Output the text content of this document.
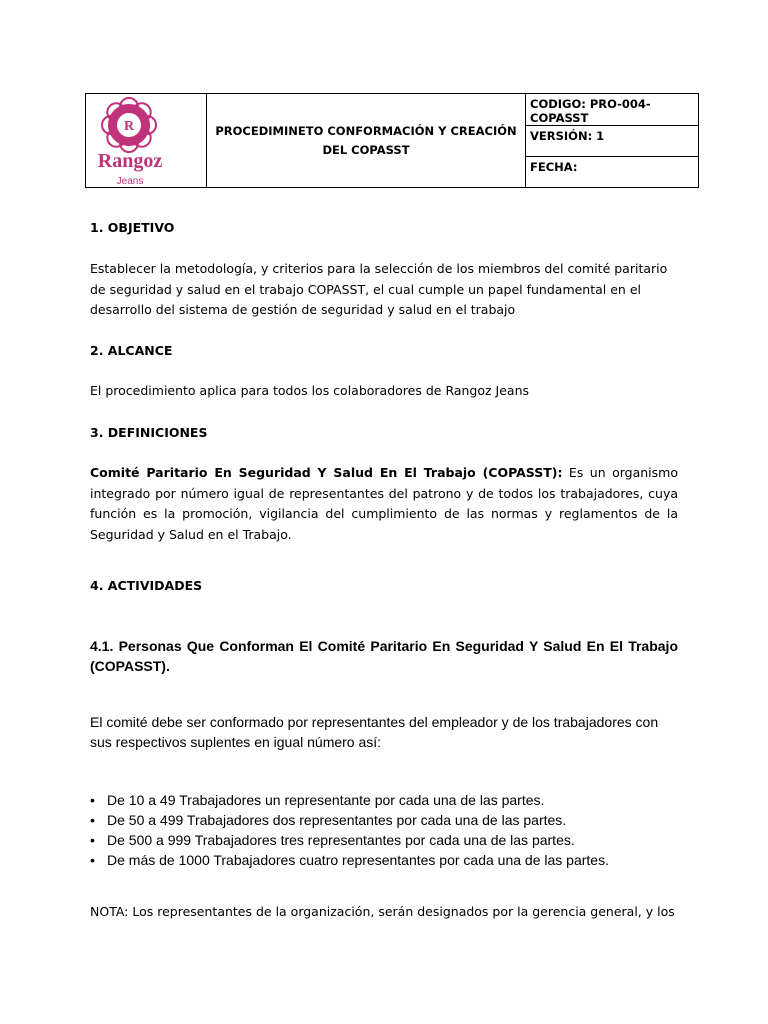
R
Rangoz
Jeans
	PROCEDIMINETO CONFORMACIÓN Y CREACIÓN DEL COPASST	
CODIGO: PRO-004-COPASST

VERSIÓN: 1

FECHA:

1. OBJETIVO

Establecer la metodología, y criterios para la selección de los miembros del comité paritario de seguridad y salud en el trabajo COPASST, el cual cumple un papel fundamental en el desarrollo del sistema de gestión de seguridad y salud en el trabajo

2. ALCANCE

El procedimiento aplica para todos los colaboradores de Rangoz Jeans

3. DEFINICIONES

Comité Paritario En Seguridad Y Salud En El Trabajo (COPASST): Es un organismo integrado por número igual de representantes del patrono y de todos los trabajadores, cuya función es la promoción, vigilancia del cumplimiento de las normas y reglamentos de la Seguridad y Salud en el Trabajo.

4. ACTIVIDADES

4.1. Personas Que Conforman El Comité Paritario En Seguridad Y Salud En El Trabajo (COPASST).

El comité debe ser conformado por representantes del empleador y de los trabajadores con sus respectivos suplentes en igual número así:

• De 10 a 49 Trabajadores un representante por cada una de las partes.
• De 50 a 499 Trabajadores dos representantes por cada una de las partes.
• De 500 a 999 Trabajadores tres representantes por cada una de las partes.
• De más de 1000 Trabajadores cuatro representantes por cada una de las partes.

NOTA: Los representantes de la organización, serán designados por la gerencia general, y los
